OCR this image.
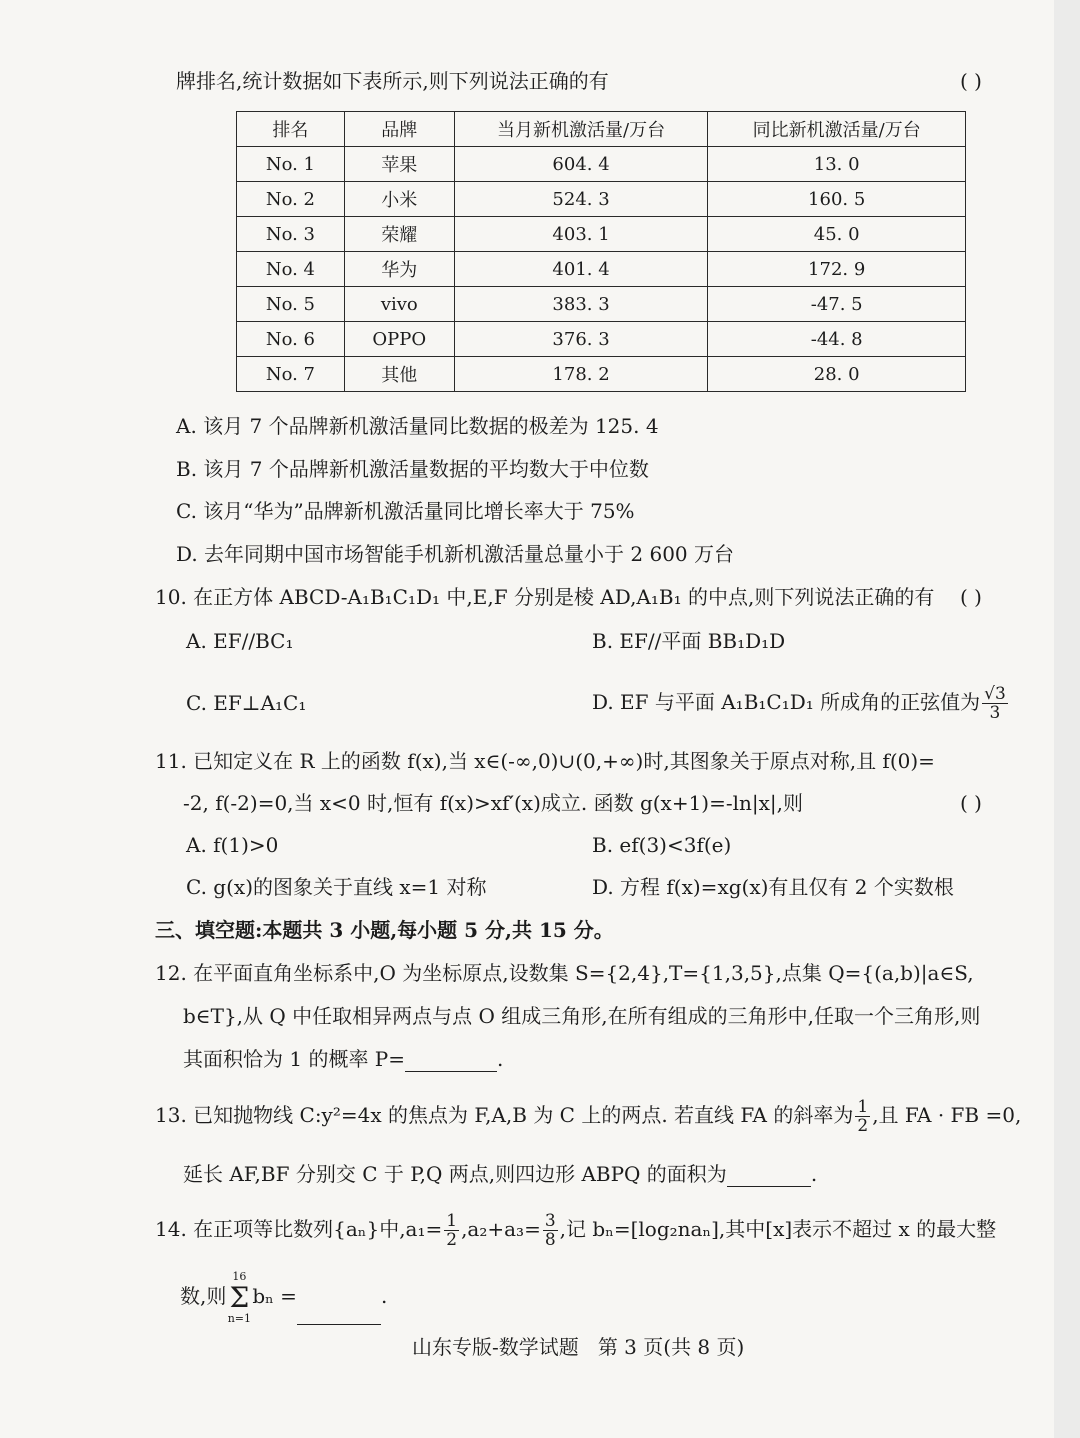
牌排名,统计数据如下表所示,则下列说法正确的有	( )
排名	品牌	当月新机激活量/万台	同比新机激活量/万台
No. 1	苹果	604. 4	13. 0
No. 2	小米	524. 3	160. 5
No. 3	荣耀	403. 1	45. 0
No. 4	华为	401. 4	172. 9
No. 5	vivo	383. 3	-47. 5
No. 6	OPPO	376. 3	-44. 8
No. 7	其他	178. 2	28. 0
A. 该月 7 个品牌新机激活量同比数据的极差为 125. 4
B. 该月 7 个品牌新机激活量数据的平均数大于中位数
C. 该月“华为”品牌新机激活量同比增长率大于 75%
D. 去年同期中国市场智能手机新机激活量总量小于 2 600 万台
10. 在正方体 ABCD-A₁B₁C₁D₁ 中,E,F 分别是棱 AD,A₁B₁ 的中点,则下列说法正确的有 ( )
A. EF//BC₁	B. EF//平面 BB₁D₁D
C. EF⊥A₁C₁	D. EF 与平面 A₁B₁C₁D₁ 所成角的正弦值为 $\frac{√3}{3}$
11. 已知定义在 R 上的函数 f(x),当 x∈(-∞,0)∪(0,+∞)时,其图象关于原点对称,且 f(0)=
-2, f(-2)=0,当 x<0 时,恒有 f(x)>xf′(x)成立. 函数 g(x+1)=-ln|x|,则	( )
A. f(1)>0	B. ef(3)<3f(e)
C. g(x)的图象关于直线 x=1 对称	D. 方程 f(x)=xg(x)有且仅有 2 个实数根
三、填空题:本题共 3 小题,每小题 5 分,共 15 分。
12. 在平面直角坐标系中,O 为坐标原点,设数集 S={2,4},T={1,3,5},点集 Q={(a,b)|a∈S,
b∈T},从 Q 中任取相异两点与点 O 组成三角形,在所有组成的三角形中,任取一个三角形,则
其面积恰为 1 的概率 P=	.
13. 已知抛物线 C:y²=4x 的焦点为 F,A,B 为 C 上的两点. 若直线 FA 的斜率为 $\frac{1}{2}$ ,且 FA · FB =0,
延长 AF,BF 分别交 C 于 P,Q 两点,则四边形 ABPQ 的面积为	.
14. 在正项等比数列{aₙ}中$,a_1= \frac{1}{2} ,a_2+a_3= \frac{3}{8}$ ,记 bₙ=[log₂naₙ],其中[x]表示不超过 x 的最大整
数,则
16
Σ
n=1
bₙ =	.
山东专版-数学试题   第 3 页(共 8 页)
